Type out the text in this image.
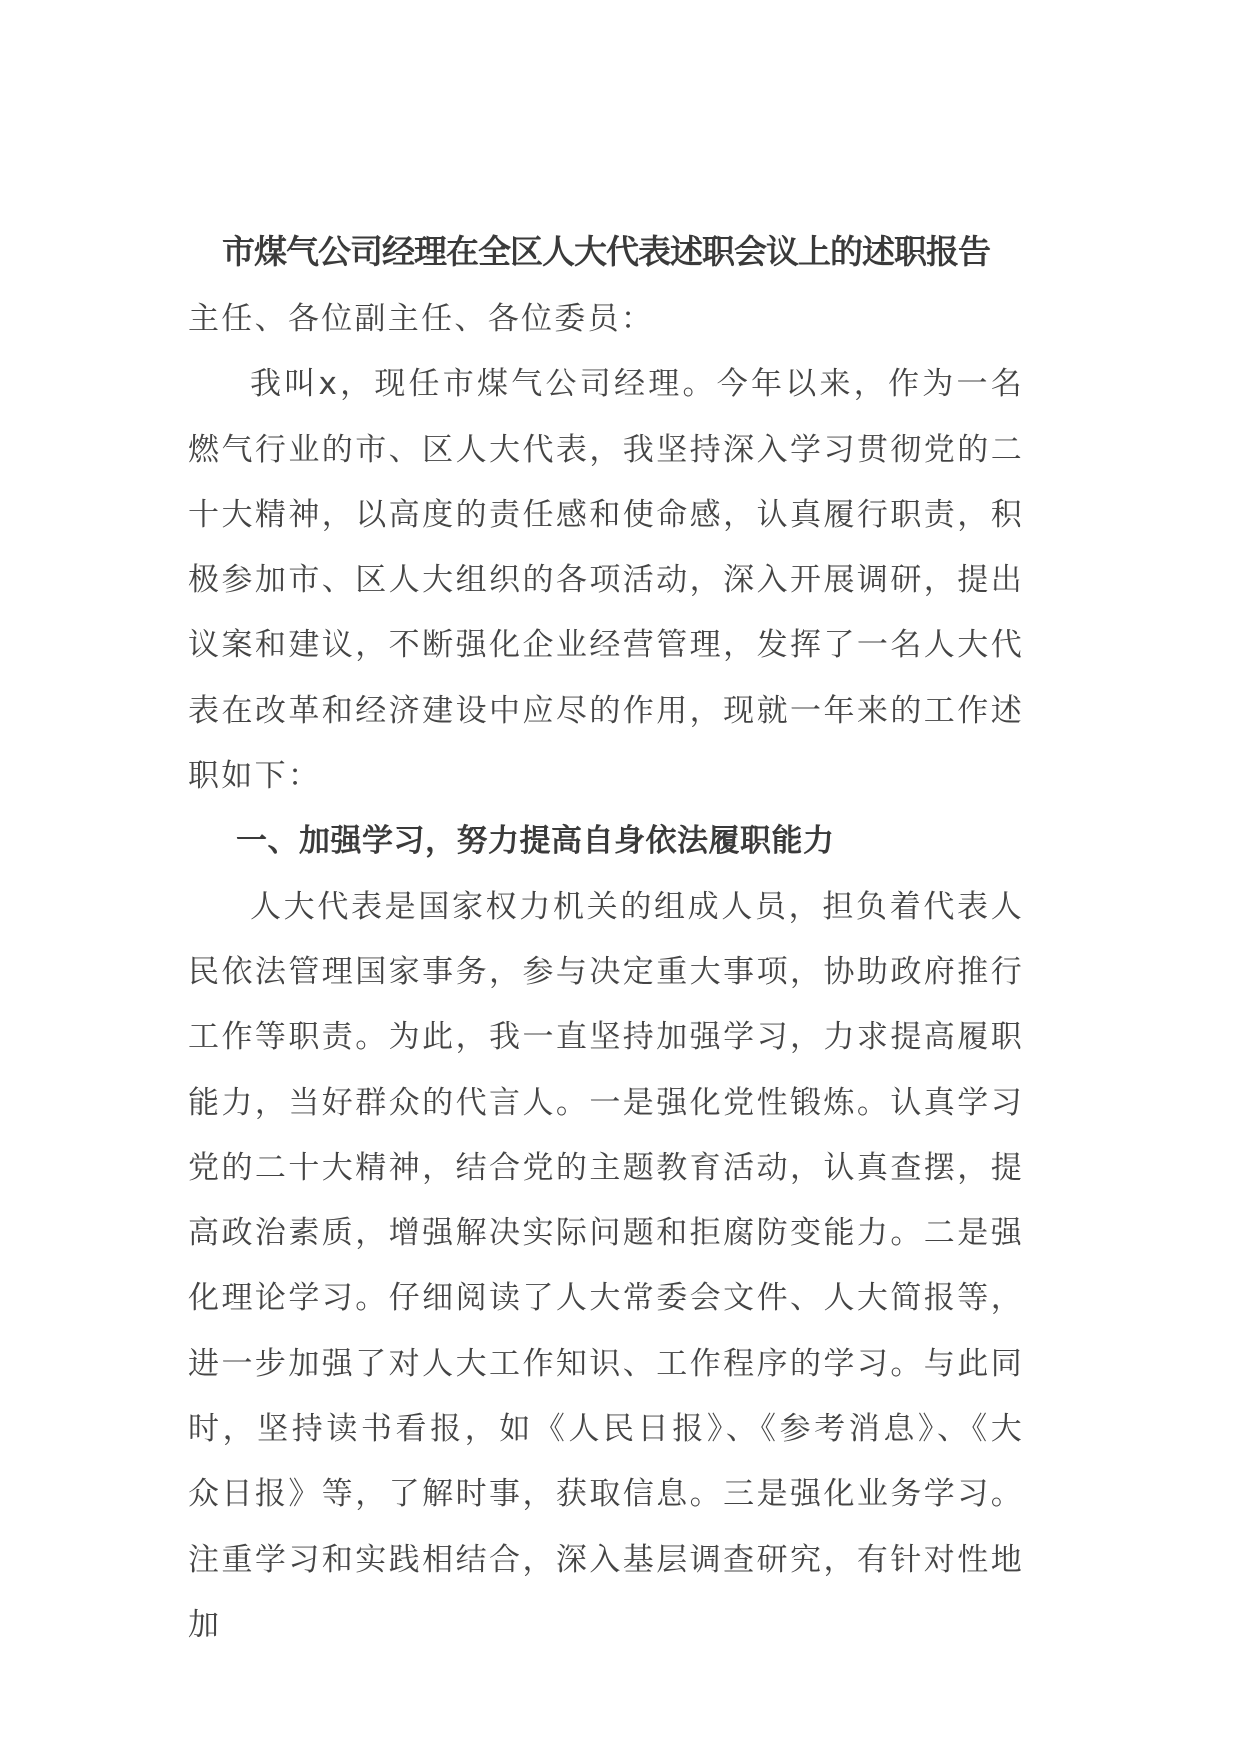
市煤气公司经理在全区人大代表述职会议上的述职报告

主任、各位副主任、各位委员：

我叫x，现任市煤气公司经理。今年以来，作为一名燃气行业的市、区人大代表，我坚持深入学习贯彻党的二十大精神，以高度的责任感和使命感，认真履行职责，积极参加市、区人大组织的各项活动，深入开展调研，提出议案和建议，不断强化企业经营管理，发挥了一名人大代表在改革和经济建设中应尽的作用，现就一年来的工作述职如下：

一、加强学习，努力提高自身依法履职能力

人大代表是国家权力机关的组成人员，担负着代表人民依法管理国家事务，参与决定重大事项，协助政府推行工作等职责。为此，我一直坚持加强学习，力求提高履职能力，当好群众的代言人。一是强化党性锻炼。认真学习党的二十大精神，结合党的主题教育活动，认真查摆，提高政治素质，增强解决实际问题和拒腐防变能力。二是强化理论学习。仔细阅读了人大常委会文件、人大简报等，进一步加强了对人大工作知识、工作程序的学习。与此同时，坚持读书看报，如《人民日报》、《参考消息》、《大众日报》等，了解时事，获取信息。三是强化业务学习。注重学习和实践相结合，深入基层调查研究，有针对性地加
